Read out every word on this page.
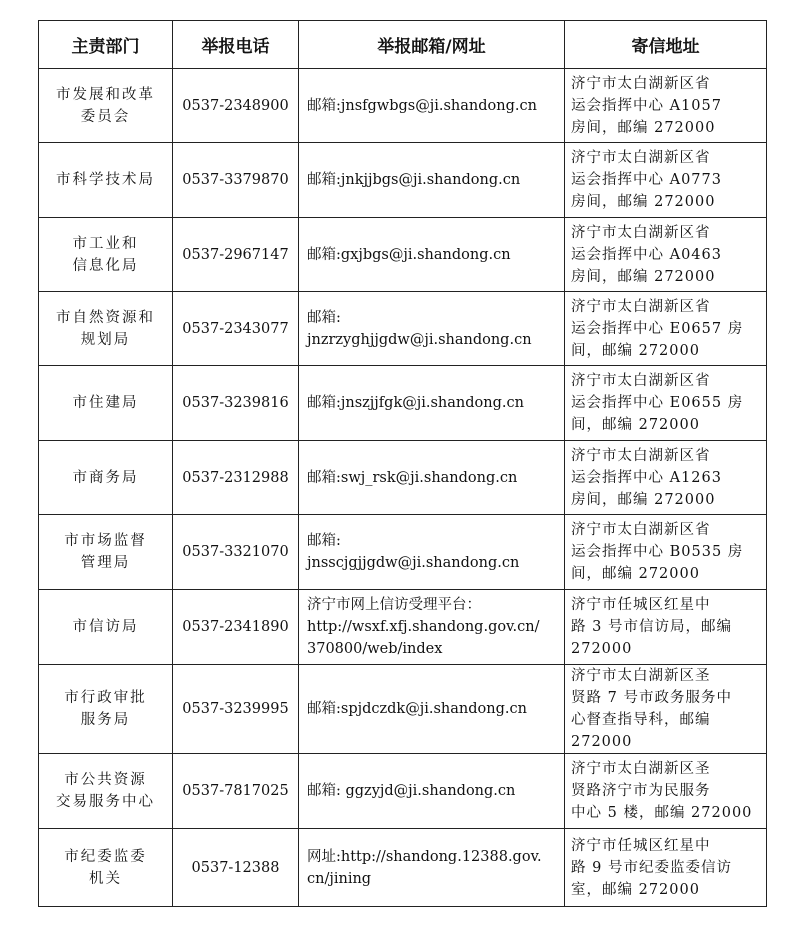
主责部门	举报电话	举报邮箱/网址	寄信地址

市发展和改革
委员会	0537-2348900	邮箱:jnsfgwbgs@ji.shandong.cn	济宁市太白湖新区省
运会指挥中心 A1057
房间，邮编 272000

市科学技术局	0537-3379870	邮箱:jnkjjbgs@ji.shandong.cn	济宁市太白湖新区省
运会指挥中心 A0773
房间，邮编 272000

市工业和
信息化局	0537-2967147	邮箱:gxjbgs@ji.shandong.cn	济宁市太白湖新区省
运会指挥中心 A0463
房间，邮编 272000

市自然资源和
规划局	0537-2343077	邮箱:
jnzrzyghjjgdw@ji.shandong.cn	济宁市太白湖新区省
运会指挥中心 E0657 房
间，邮编 272000

市住建局	0537-3239816	邮箱:jnszjjfgk@ji.shandong.cn	济宁市太白湖新区省
运会指挥中心 E0655 房
间，邮编 272000

市商务局	0537-2312988	邮箱:swj_rsk@ji.shandong.cn	济宁市太白湖新区省
运会指挥中心 A1263
房间，邮编 272000

市市场监督
管理局	0537-3321070	邮箱:
jnsscjgjjgdw@ji.shandong.cn	济宁市太白湖新区省
运会指挥中心 B0535 房
间，邮编 272000

市信访局	0537-2341890	济宁市网上信访受理平台：
http://wsxf.xfj.shandong.gov.cn/
370800/web/index	济宁市任城区红星中
路 3 号市信访局，邮编
272000

市行政审批
服务局	0537-3239995	邮箱:spjdczdk@ji.shandong.cn	济宁市太白湖新区圣
贤路 7 号市政务服务中
心督查指导科，邮编
272000

市公共资源
交易服务中心	0537-7817025	邮箱: ggzyjd@ji.shandong.cn	济宁市太白湖新区圣
贤路济宁市为民服务
中心 5 楼，邮编 272000

市纪委监委
机关	0537-12388	网址:http://shandong.12388.gov.
cn/jining	济宁市任城区红星中
路 9 号市纪委监委信访
室，邮编 272000
